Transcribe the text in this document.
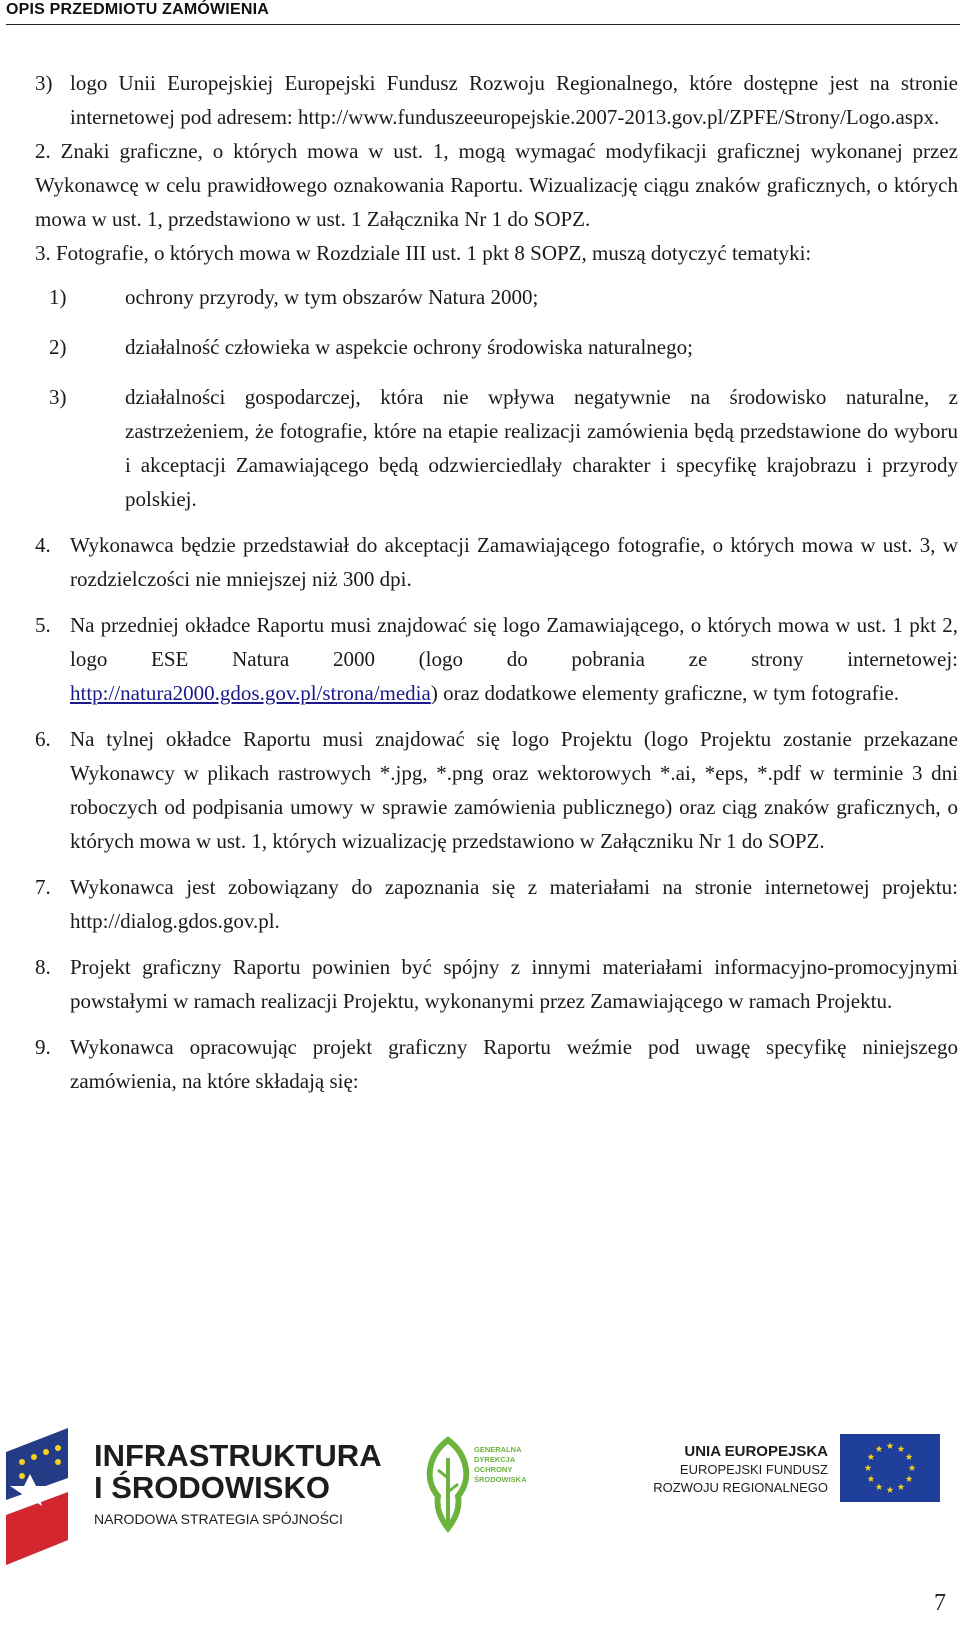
OPIS PRZEDMIOTU ZAMÓWIENIA

3) logo Unii Europejskiej Europejski Fundusz Rozwoju Regionalnego, które dostępne jest na stronie internetowej pod adresem: http://www.funduszeeuropejskie.2007-2013.gov.pl/ZPFE/Strony/Logo.aspx.

2. Znaki graficzne, o których mowa w ust. 1, mogą wymagać modyfikacji graficznej wykonanej przez Wykonawcę w celu prawidłowego oznakowania Raportu. Wizualizację ciągu znaków graficznych, o których mowa w ust. 1, przedstawiono w ust. 1 Załącznika Nr 1 do SOPZ.

3. Fotografie, o których mowa w Rozdziale III ust. 1 pkt 8 SOPZ, muszą dotyczyć tematyki:

1)	ochrony przyrody, w tym obszarów Natura 2000;

2)	działalność człowieka w aspekcie ochrony środowiska naturalnego;

3)	działalności gospodarczej, która nie wpływa negatywnie na środowisko naturalne, z zastrzeżeniem, że fotografie, które na etapie realizacji zamówienia będą przedstawione do wyboru i akceptacji Zamawiającego będą odzwierciedlały charakter i specyfikę krajobrazu i przyrody polskiej.

4. Wykonawca będzie przedstawiał do akceptacji Zamawiającego fotografie, o których mowa w ust. 3, w rozdzielczości nie mniejszej niż 300 dpi.

5. Na przedniej okładce Raportu musi znajdować się logo Zamawiającego, o których mowa w ust. 1 pkt 2, logo ESE Natura 2000 (logo do pobrania ze strony internetowej: http://natura2000.gdos.gov.pl/strona/media) oraz dodatkowe elementy graficzne, w tym fotografie.

6. Na tylnej okładce Raportu musi znajdować się logo Projektu (logo Projektu zostanie przekazane Wykonawcy w plikach rastrowych *.jpg, *.png oraz wektorowych *.ai, *eps, *.pdf w terminie 3 dni roboczych od podpisania umowy w sprawie zamówienia publicznego) oraz ciąg znaków graficznych, o których mowa w ust. 1, których wizualizację przedstawiono w Załączniku Nr 1 do SOPZ.

7. Wykonawca jest zobowiązany do zapoznania się z materiałami na stronie internetowej projektu: http://dialog.gdos.gov.pl.

8. Projekt graficzny Raportu powinien być spójny z innymi materiałami informacyjno-promocyjnymi powstałymi w ramach realizacji Projektu, wykonanymi przez Zamawiającego w ramach Projektu.

9. Wykonawca opracowując projekt graficzny Raportu weźmie pod uwagę specyfikę niniejszego zamówienia, na które składają się:

INFRASTRUKTURA
I ŚRODOWISKO
NARODOWA STRATEGIA SPÓJNOŚCI
GENERALNA
DYREKCJA
OCHRONY
ŚRODOWISKA
UNIA EUROPEJSKA
EUROPEJSKI FUNDUSZ
ROZWOJU REGIONALNEGO
7
